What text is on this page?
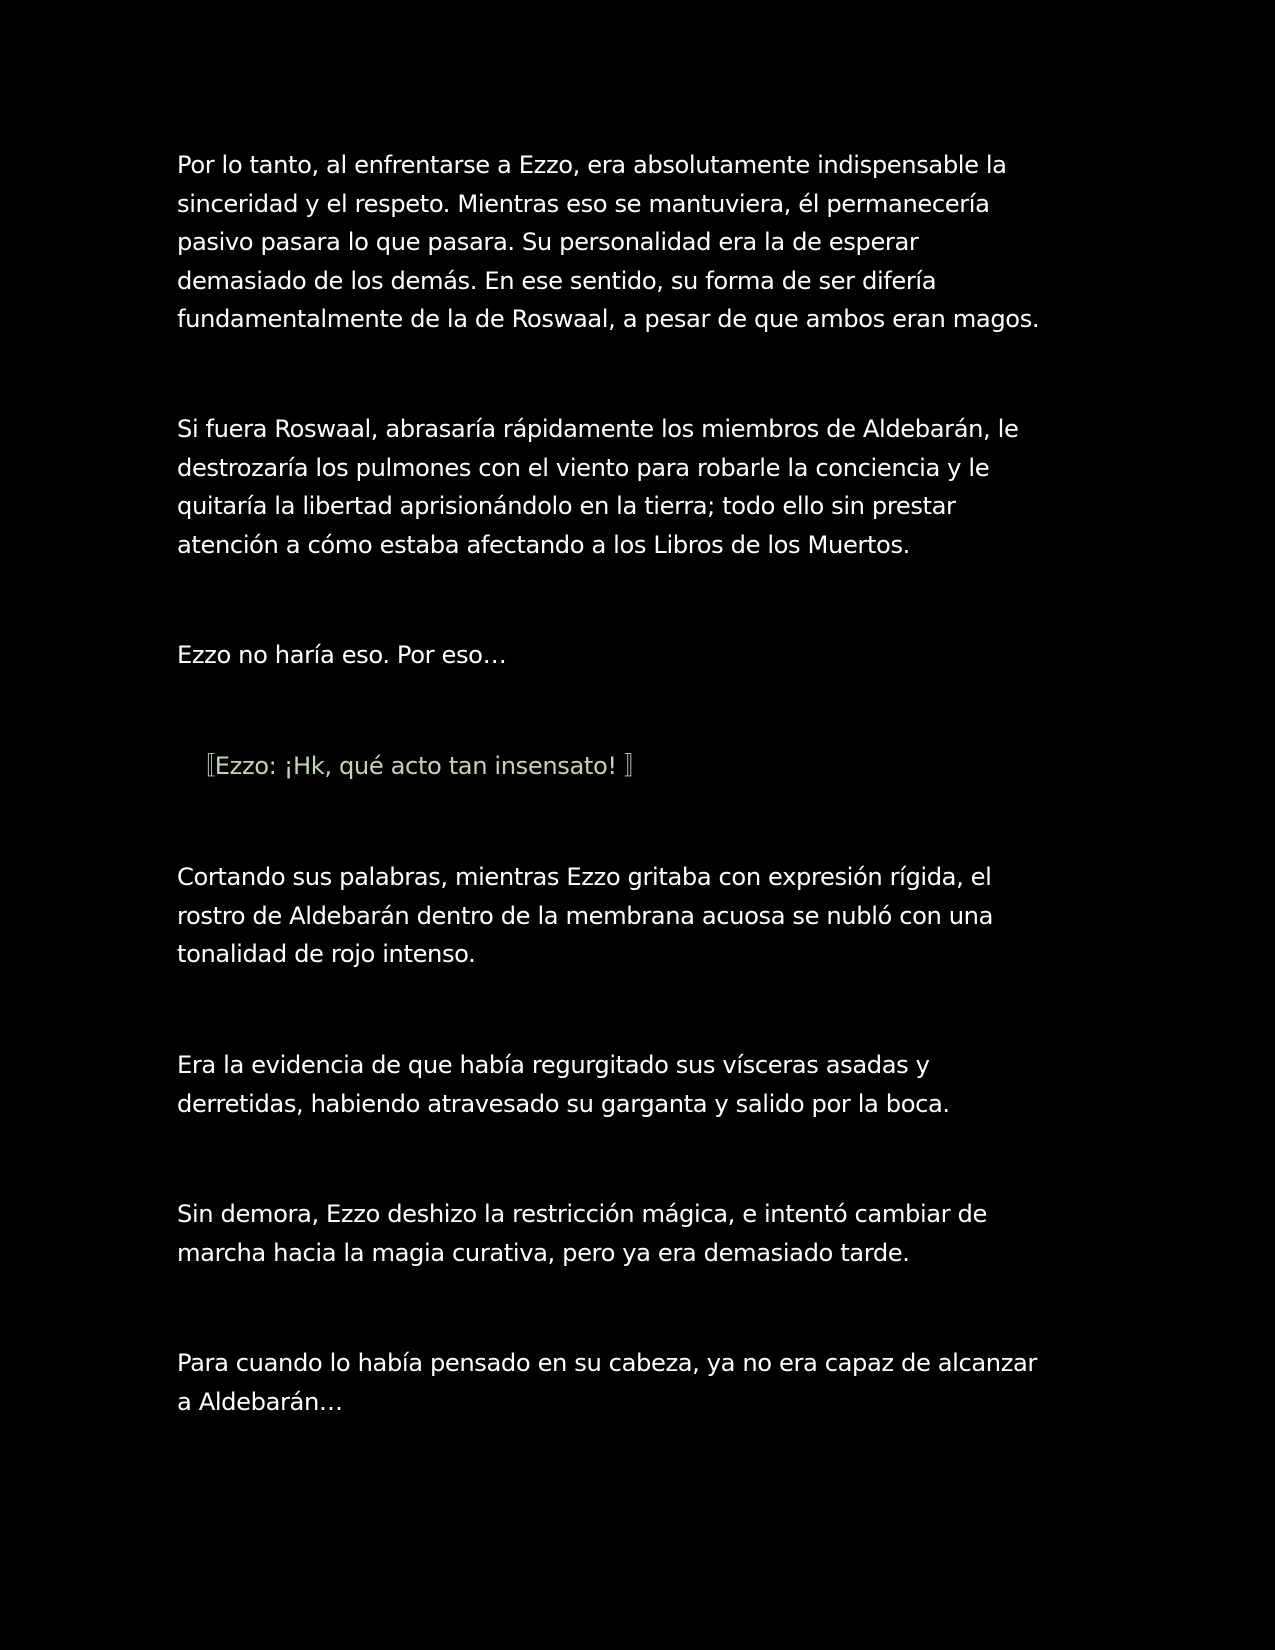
Por lo tanto, al enfrentarse a Ezzo, era absolutamente indispensable la
sinceridad y el respeto. Mientras eso se mantuviera, él permanecería
pasivo pasara lo que pasara. Su personalidad era la de esperar
demasiado de los demás. En ese sentido, su forma de ser difería
fundamentalmente de la de Roswaal, a pesar de que ambos eran magos.

Si fuera Roswaal, abrasaría rápidamente los miembros de Aldebarán, le
destrozaría los pulmones con el viento para robarle la conciencia y le
quitaría la libertad aprisionándolo en la tierra; todo ello sin prestar
atención a cómo estaba afectando a los Libros de los Muertos.

Ezzo no haría eso. Por eso…

〚Ezzo: ¡Hk, qué acto tan insensato! 〛

Cortando sus palabras, mientras Ezzo gritaba con expresión rígida, el
rostro de Aldebarán dentro de la membrana acuosa se nubló con una
tonalidad de rojo intenso.

Era la evidencia de que había regurgitado sus vísceras asadas y
derretidas, habiendo atravesado su garganta y salido por la boca.

Sin demora, Ezzo deshizo la restricción mágica, e intentó cambiar de
marcha hacia la magia curativa, pero ya era demasiado tarde.

Para cuando lo había pensado en su cabeza, ya no era capaz de alcanzar
a Aldebarán…
